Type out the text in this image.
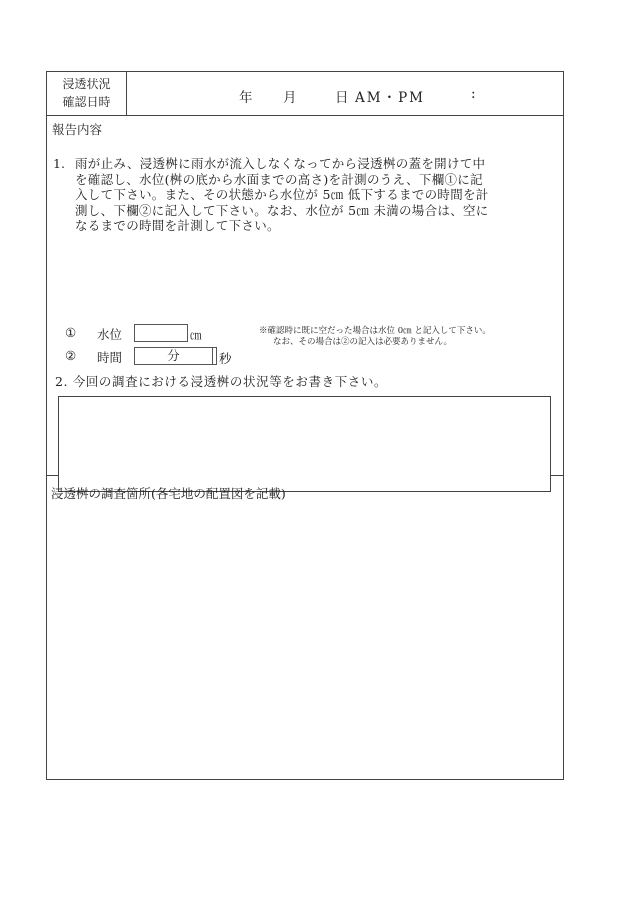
浸透状況
確認日時	年 月	日 AM・PM	:
報告内容
1. 雨が止み、浸透桝に雨水が流入しなくなってから浸透桝の蓋を開けて中
を確認し、水位(桝の底から水面までの高さ)を計測のうえ、下欄①に記
入して下さい。また、その状態から水位が 5㎝ 低下するまでの時間を計
測し、下欄②に記入して下さい。なお、水位が 5㎝ 未満の場合は、空に
なるまでの時間を計測して下さい。
① 水位	㎝
② 時間	分	秒
※確認時に既に空だった場合は水位 0㎝ と記入して下さい。
なお、その場合は②の記入は必要ありません。
2. 今回の調査における浸透桝の状況等をお書き下さい。
浸透桝の調査箇所(各宅地の配置図を記載)
